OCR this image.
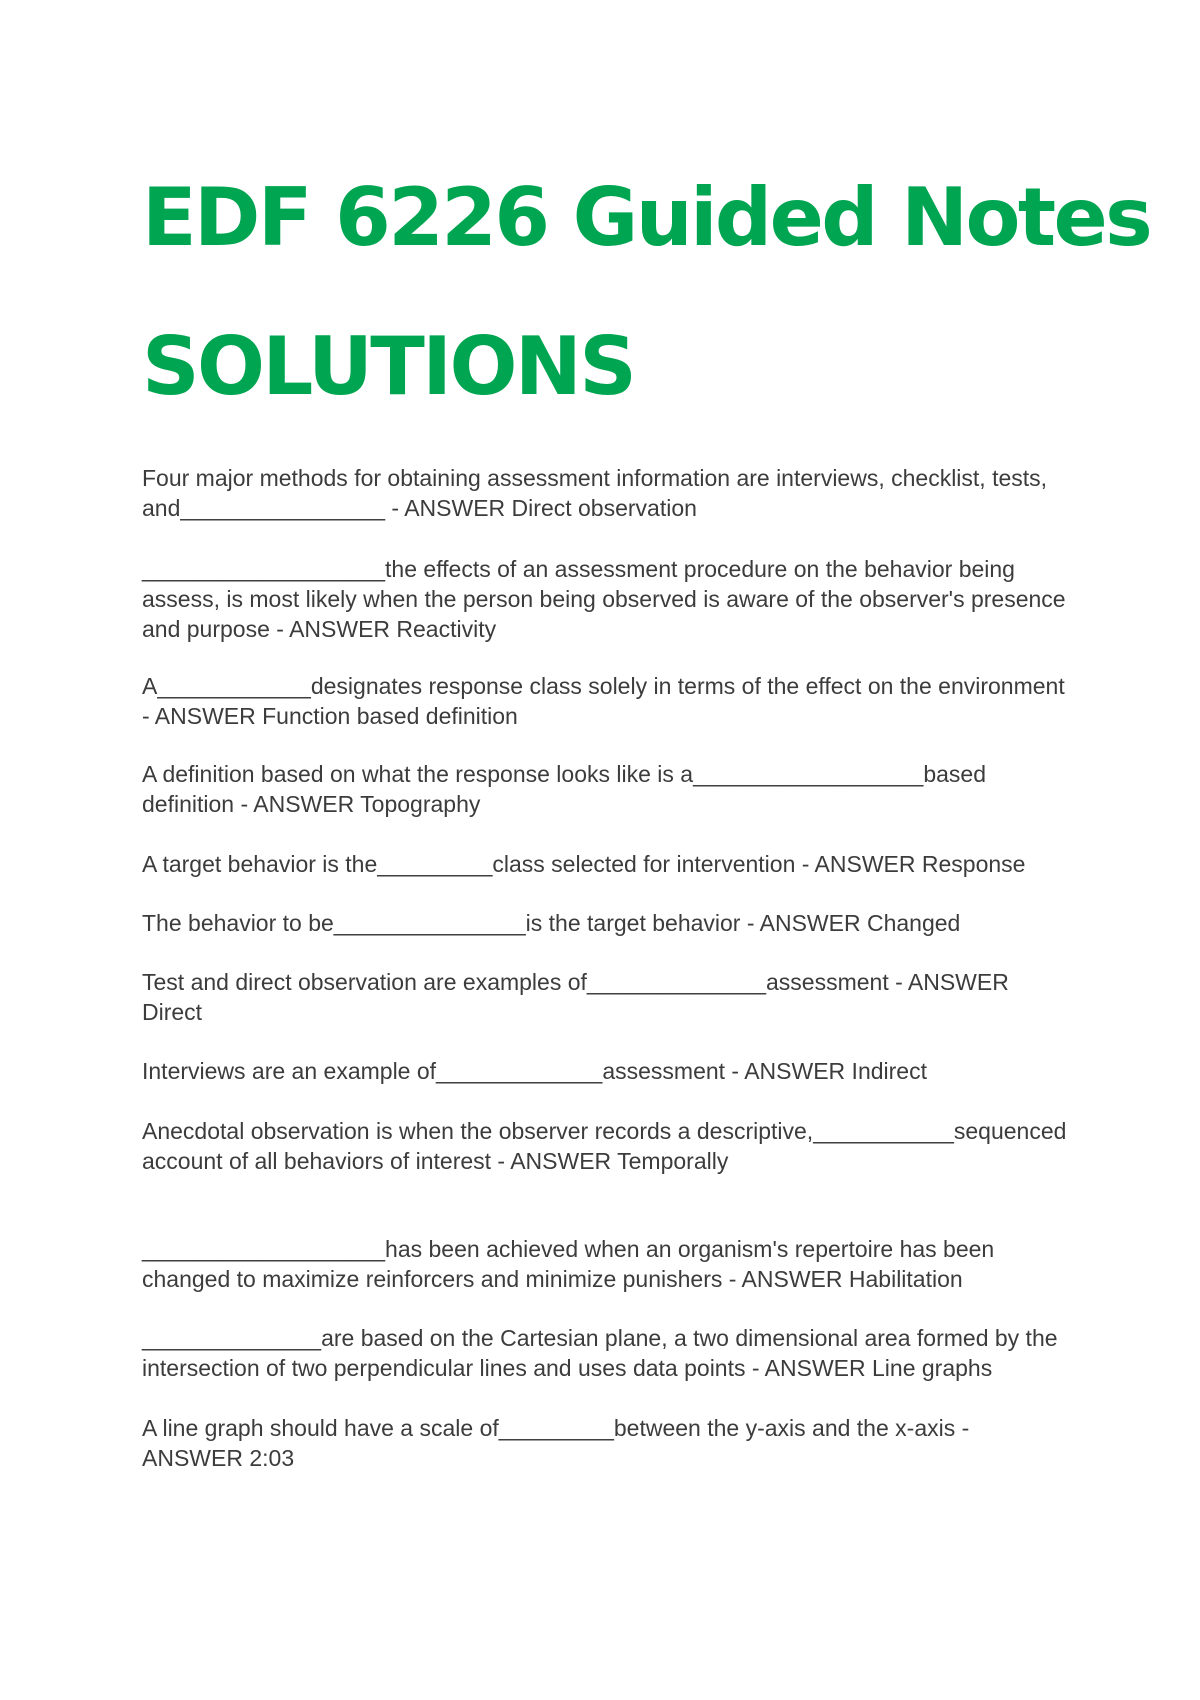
EDF 6226 Guided Notes
SOLUTIONS

Four major methods for obtaining assessment information are interviews, checklist, tests, and________________ - ANSWER Direct observation

___________________the effects of an assessment procedure on the behavior being assess, is most likely when the person being observed is aware of the observer's presence and purpose - ANSWER Reactivity

A____________designates response class solely in terms of the effect on the environment - ANSWER Function based definition

A definition based on what the response looks like is a__________________based definition - ANSWER Topography

A target behavior is the_________class selected for intervention - ANSWER Response

The behavior to be_______________is the target behavior - ANSWER Changed

Test and direct observation are examples of______________assessment - ANSWER Direct

Interviews are an example of_____________assessment - ANSWER Indirect

Anecdotal observation is when the observer records a descriptive,___________sequenced account of all behaviors of interest - ANSWER Temporally

___________________has been achieved when an organism's repertoire has been changed to maximize reinforcers and minimize punishers - ANSWER Habilitation

______________are based on the Cartesian plane, a two dimensional area formed by the intersection of two perpendicular lines and uses data points - ANSWER Line graphs

A line graph should have a scale of_________between the y-axis and the x-axis - ANSWER 2:03
